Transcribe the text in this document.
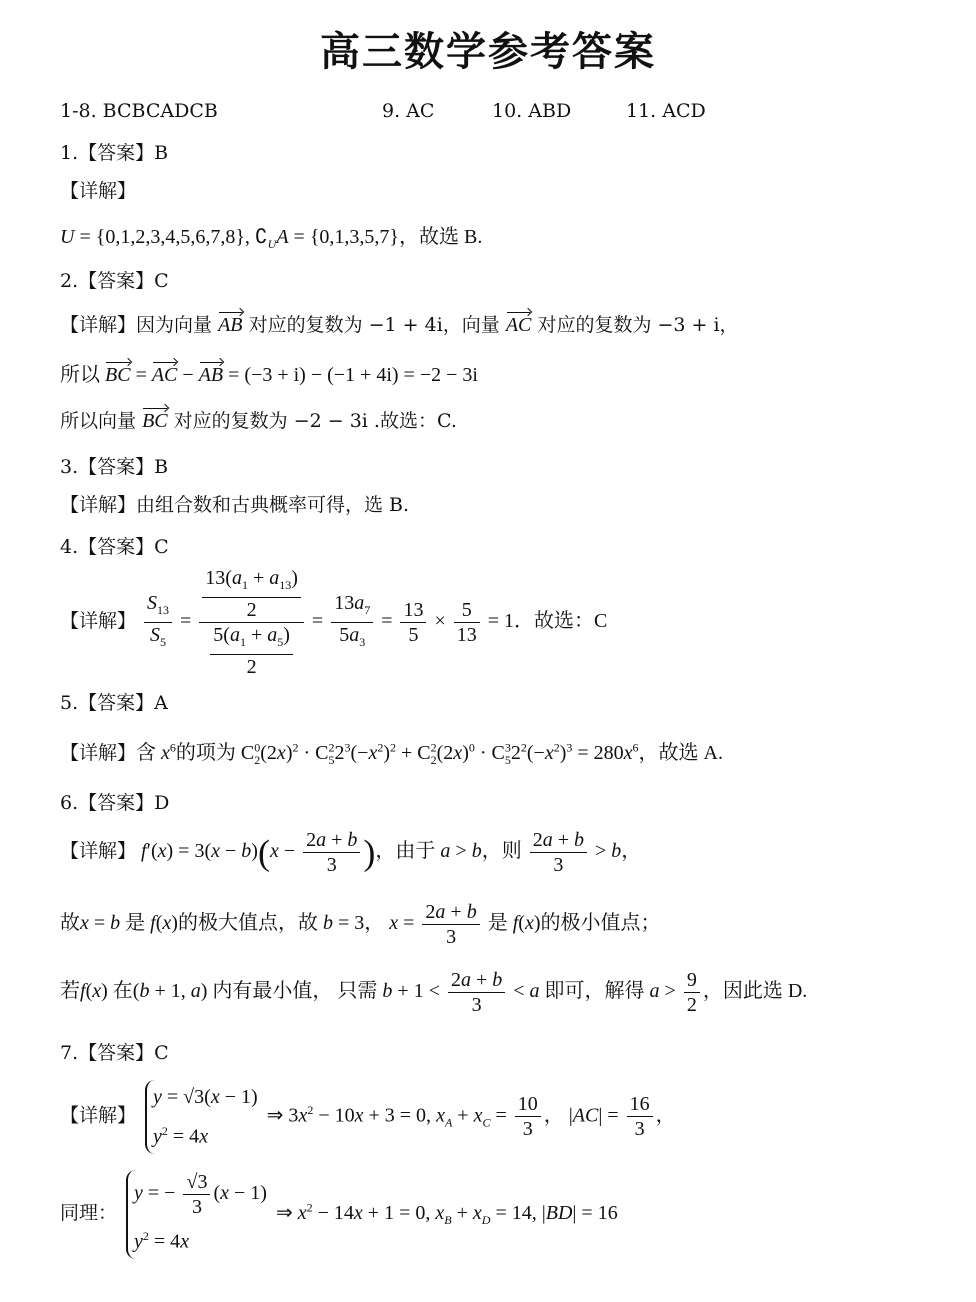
高三数学参考答案
1-8. BCBCADCB	9. AC	10. ABD	11. ACD
1.【答案】B
【详解】
U = {0,1,2,3,4,5,6,7,8}, $∁_UA = \{0,1,3,5,7\}$，故选 B.
2.【答案】C
【详解】因为向量 AB 对应的复数为 −1 + 4i，向量 AC 对应的复数为 −3 + i，
所以 BC = AC − AB = (−3 + i) − (−1 + 4i) = −2 − 3i
所以向量 BC 对应的复数为 −2 − 3i .故选：C.
3.【答案】B
【详解】由组合数和古典概率可得，选 B.
4.【答案】C
【详解】 $\frac{S_{13}}{S_5} = \frac{\frac{13(a_1 + a_{13})}{2}}{\frac{5(a_1 + a_5)}{2}} = \frac{13a_7}{5a_3} = \frac{13}{5} \times \frac{5}{13} = 1$．故选：C
5.【答案】A
【详解】含 $x^6$的项为 $C^0_2(2x)^2 \cdot C^2_52^3(-x^2)^2 + C^2_2(2x)^0 \cdot C^3_52^2(-x^2)^3 = 280x^6$，故选 A.
6.【答案】D
【详解】 $f'(x) = 3(x - b)(x - \frac{2a + b}{3}$ )，由于 a > b，则 $\frac{2a + b}{3} > b$，
故x = b 是 f(x)的极大值点，故 b = 3， $x = \frac{2a + b}{3}$ 是 f(x)的极小值点；
若f(x) 在(b + 1, a) 内有最小值， 只需 $b + 1 < \frac{2a + b}{3} < a$ 即可，解得 $a > \frac{9}{2}$ ，因此选 D.
7.【答案】C
【详解】
y = √3(x − 1)
$y^2 = 4x$
⇒ $3x^2 - 10x + 3 = 0$, $x_A + x_C = \frac{10}{3}$ ， $|AC| = \frac{16}{3}$ ，
同理：
y = − $\frac{√3}{3} (x - 1)$
$y^2 = 4x$
⇒ $x^2 - 14x + 1 = 0$, $x_B + x_D = 14$, |BD| = 16
